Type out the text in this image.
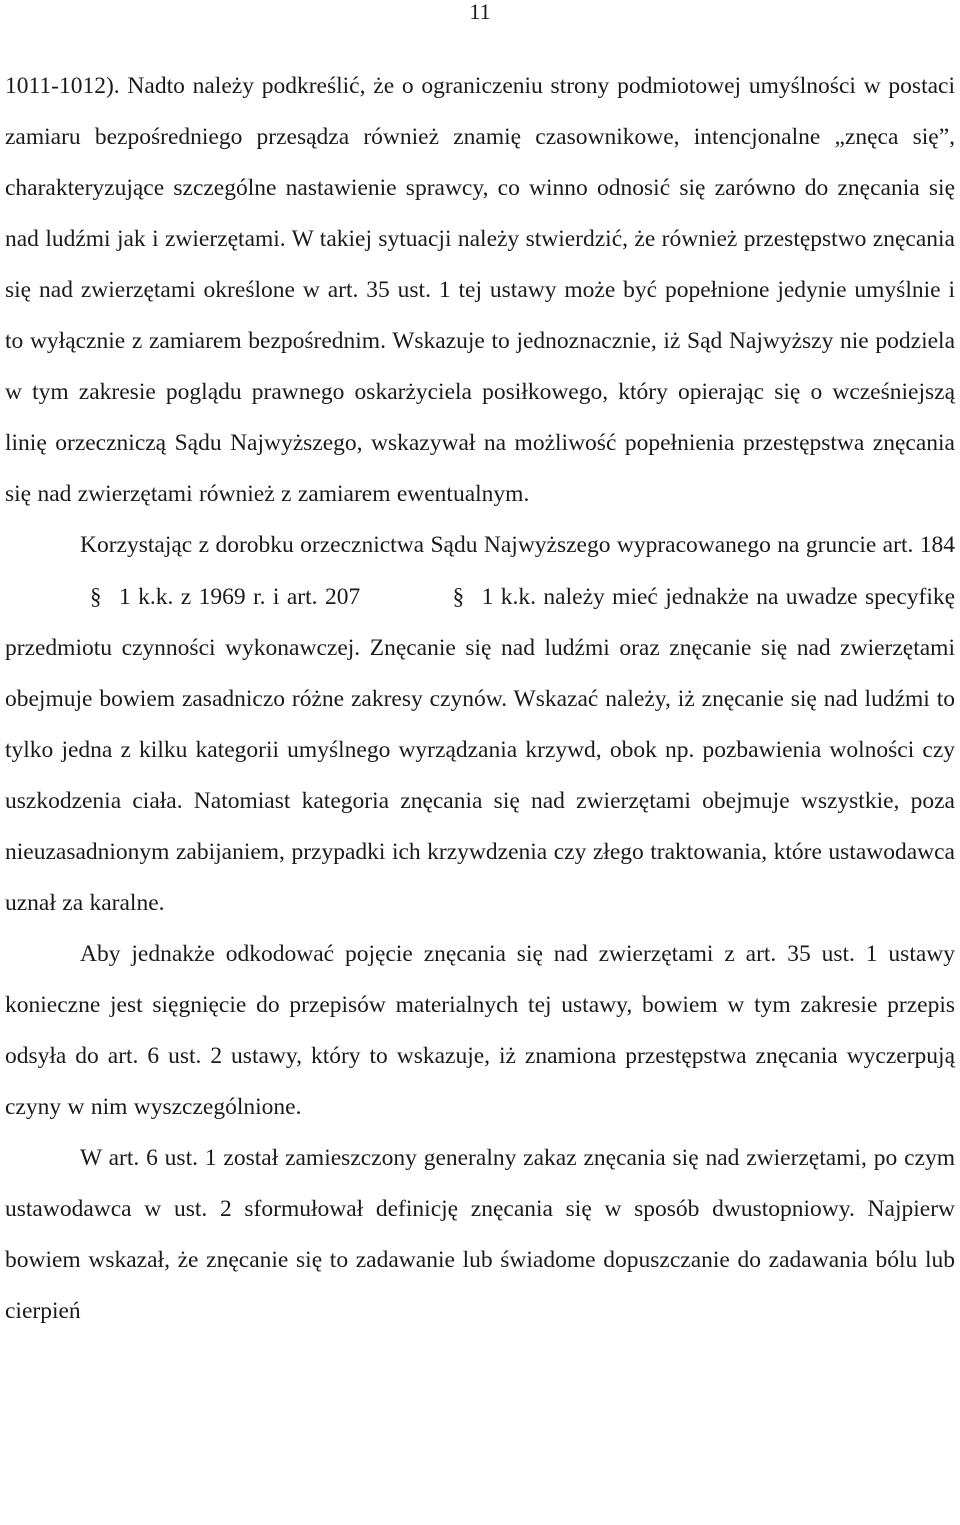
11

1011-1012). Nadto należy podkreślić, że o ograniczeniu strony podmiotowej umyślności w postaci zamiaru bezpośredniego przesądza również znamię czasownikowe, intencjonalne „znęca się”, charakteryzujące szczególne nastawienie sprawcy, co winno odnosić się zarówno do znęcania się nad ludźmi jak i zwierzętami. W takiej sytuacji należy stwierdzić, że również przestępstwo znęcania się nad zwierzętami określone w art. 35 ust. 1 tej ustawy może być popełnione jedynie umyślnie i to wyłącznie z zamiarem bezpośrednim. Wskazuje to jednoznacznie, iż Sąd Najwyższy nie podziela w tym zakresie poglądu prawnego oskarżyciela posiłkowego, który opierając się o wcześniejszą linię orzeczniczą Sądu Najwyższego, wskazywał na możliwość popełnienia przestępstwa znęcania się nad zwierzętami również z zamiarem ewentualnym.

Korzystając z dorobku orzecznictwa Sądu Najwyższego wypracowanego na gruncie art. 184 § 1 k.k. z 1969 r. i art. 207	§ 1 k.k. należy mieć jednakże na uwadze specyfikę przedmiotu czynności wykonawczej. Znęcanie się nad ludźmi oraz znęcanie się nad zwierzętami obejmuje bowiem zasadniczo różne zakresy czynów. Wskazać należy, iż znęcanie się nad ludźmi to tylko jedna z kilku kategorii umyślnego wyrządzania krzywd, obok np. pozbawienia wolności czy uszkodzenia ciała. Natomiast kategoria znęcania się nad zwierzętami obejmuje wszystkie, poza nieuzasadnionym zabijaniem, przypadki ich krzywdzenia czy złego traktowania, które ustawodawca uznał za karalne.

Aby jednakże odkodować pojęcie znęcania się nad zwierzętami z art. 35 ust. 1 ustawy konieczne jest sięgnięcie do przepisów materialnych tej ustawy, bowiem w tym zakresie przepis odsyła do art. 6 ust. 2 ustawy, który to wskazuje, iż znamiona przestępstwa znęcania wyczerpują czyny w nim wyszczególnione.

W art. 6 ust. 1 został zamieszczony generalny zakaz znęcania się nad zwierzętami, po czym ustawodawca w ust. 2 sformułował definicję znęcania się w sposób dwustopniowy. Najpierw bowiem wskazał, że znęcanie się to zadawanie lub świadome dopuszczanie do zadawania bólu lub cierpień
